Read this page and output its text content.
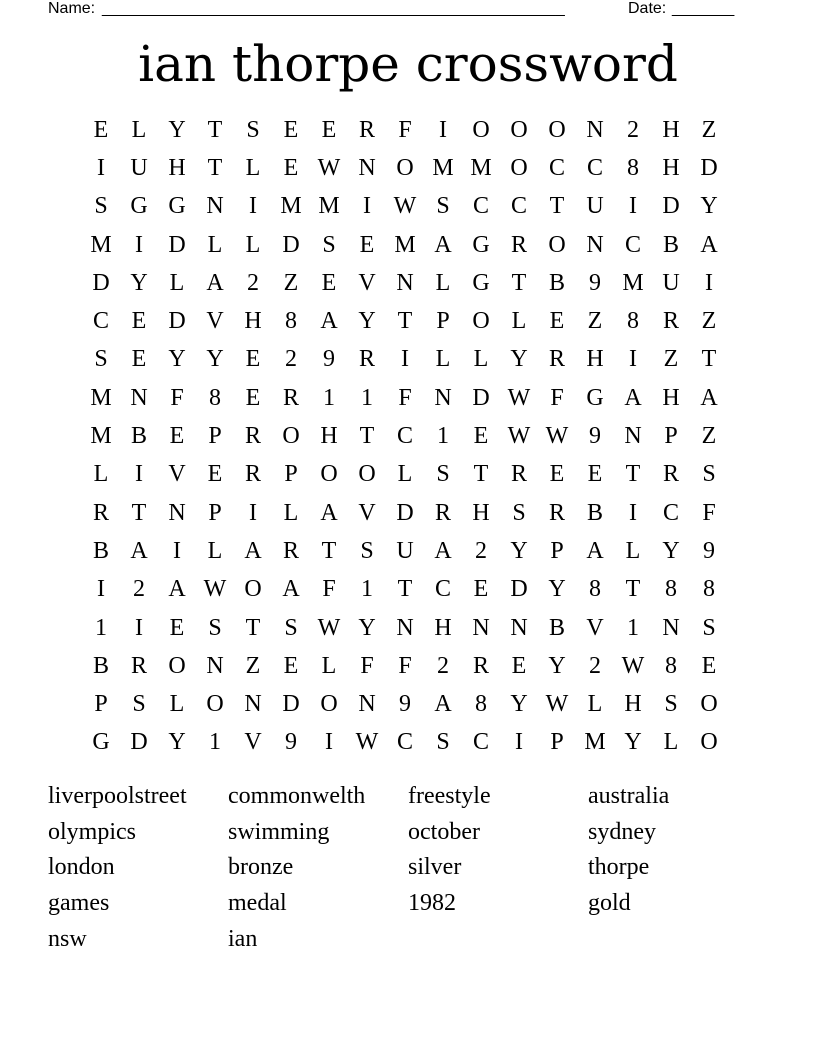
Name: ____________________________________________________	Date: _______
ian thorpe crossword
E L Y T S E E R F	I	O O O N 2 H Z
I	U H T L E W N O M M O C C	8 H D
S G G N	I M M I W S C C T U	I	D Y
M I	D L L D S E M A G R O N C B A
D Y L A 2	Z E V N L G T B	9 M U	I
C E D V H 8 A Y T P O L E Z	8 R Z
S E Y Y E	2	9 R	I	L L Y R H	I	Z T
M N F	8	E R	1	1	F N D W F G A H A
M B E P R O H T C	1	E W W 9 N P Z
L	I	V E R P O O L S T R E E T R S
R T N P	I	L A V D R H S R B	I	C F
B A	I	L A R T S U A 2 Y P A L Y 9
I	2 A W O A F	1	T C E D Y 8	T	8	8
1	I	E S T S W Y N H N N B V 1 N S
B R O N Z E L F	F	2 R E Y 2 W 8	E
P	S L O N D O N 9 A 8 Y W L H S O
G D Y 1 V 9	I W C S C	I	P M Y L O
liverpoolstreet	commonwelth	freestyle	australia
olympics	swimming	october	sydney
london	bronze	silver	thorpe
games	medal	1982	gold
nsw	ian
